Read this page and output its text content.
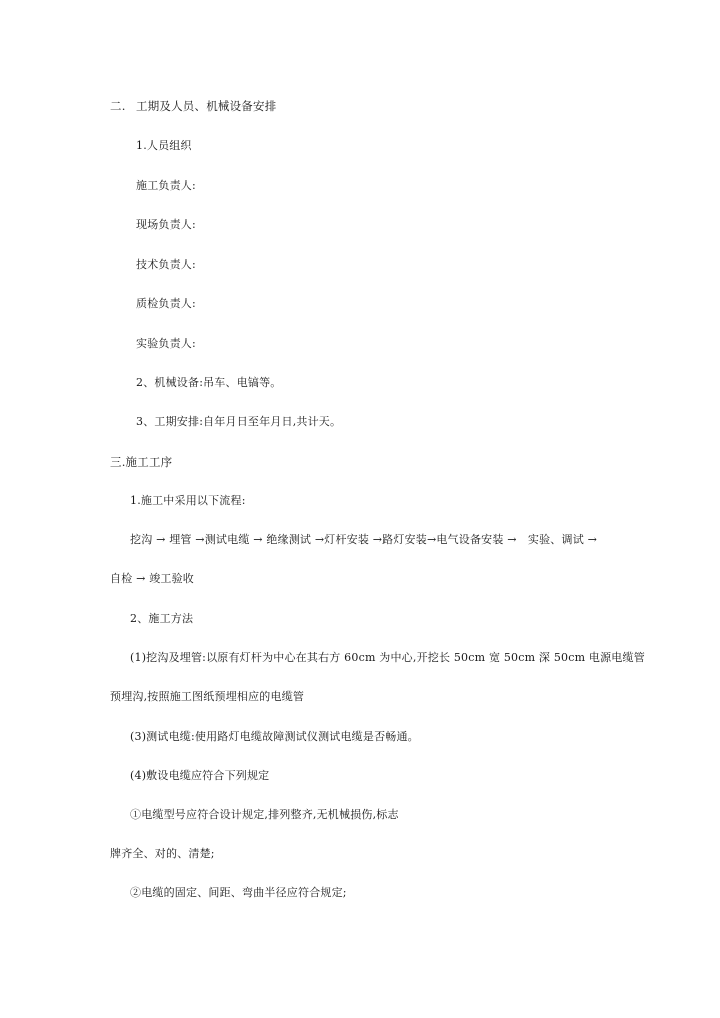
二. 工期及人员、机械设备安排
1.人员组织
施工负责人:
现场负责人:
技术负责人:
质检负责人:
实验负责人:
2、机械设备:吊车、电镐等。
3、工期安排:自年月日至年月日,共计天。
三.施工工序
1.施工中采用以下流程:
挖沟 → 埋管 →测试电缆 → 绝缘测试 →灯杆安装 →路灯安装→电气设备安装 →　实验、调试 →
自检 → 竣工验收
2、施工方法
(1)挖沟及埋管:以原有灯杆为中心在其右方 60cm 为中心,开挖长 50cm 宽 50cm 深 50cm 电源电缆管
预埋沟,按照施工图纸预埋相应的电缆管
(3)测试电缆:使用路灯电缆故障测试仪测试电缆是否畅通。
(4)敷设电缆应符合下列规定
①电缆型号应符合设计规定,排列整齐,无机械损伤,标志
牌齐全、对的、清楚;
②电缆的固定、间距、弯曲半径应符合规定;
